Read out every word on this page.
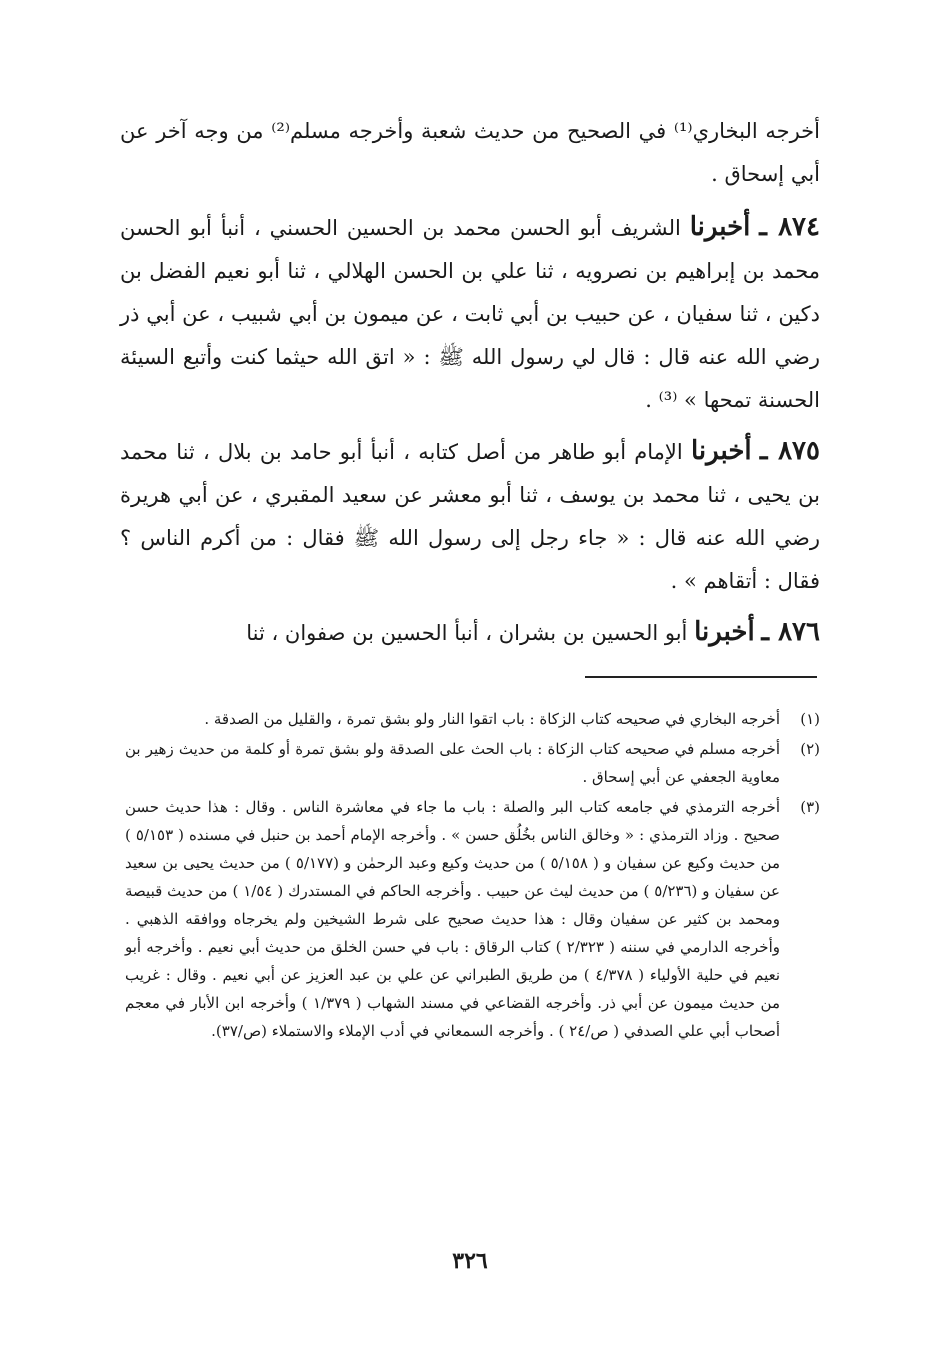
أخرجه البخاري⁽¹⁾ في الصحيح من حديث شعبة وأخرجه مسلم⁽²⁾ من وجه آخر عن أبي إسحاق .

٨٧٤ ـ أخبرنا الشريف أبو الحسن محمد بن الحسين الحسني ، أنبأ أبو الحسن محمد بن إبراهيم بن نصرويه ، ثنا علي بن الحسن الهلالي ، ثنا أبو نعيم الفضل بن دكين ، ثنا سفيان ، عن حبيب بن أبي ثابت ، عن ميمون بن أبي شبيب ، عن أبي ذر رضي الله عنه قال : قال لي رسول الله ﷺ : « اتق الله حيثما كنت وأتبع السيئة الحسنة تمحها » ⁽³⁾ .

٨٧٥ ـ أخبرنا الإمام أبو طاهر من أصل كتابه ، أنبأ أبو حامد بن بلال ، ثنا محمد بن يحيى ، ثنا محمد بن يوسف ، ثنا أبو معشر عن سعيد المقبري ، عن أبي هريرة رضي الله عنه قال : « جاء رجل إلى رسول الله ﷺ فقال : من أكرم الناس ؟ فقال : أتقاهم » .

٨٧٦ ـ أخبرنا أبو الحسين بن بشران ، أنبأ الحسين بن صفوان ، ثنا

(١)
أخرجه البخاري في صحيحه كتاب الزكاة : باب اتقوا النار ولو بشق تمرة ، والقليل من الصدقة .
(٢)
أخرجه مسلم في صحيحه كتاب الزكاة : باب الحث على الصدقة ولو بشق تمرة أو كلمة من حديث زهير بن معاوية الجعفي عن أبي إسحاق .
(٣)
أخرجه الترمذي في جامعه كتاب البر والصلة : باب ما جاء في معاشرة الناس . وقال : هذا حديث حسن صحيح . وزاد الترمذي : « وخالق الناس بخُلُق حسن » . وأخرجه الإمام أحمد بن حنبل في مسنده ( ٥/١٥٣ ) من حديث وكيع عن سفيان و ( ٥/١٥٨ ) من حديث وكيع وعبد الرحمٰن و (٥/١٧٧ ) من حديث يحيى بن سعيد عن سفيان و (٥/٢٣٦ ) من حديث ليث عن حبيب . وأخرجه الحاكم في المستدرك ( ١/٥٤ ) من حديث قبيصة ومحمد بن كثير عن سفيان وقال : هذا حديث صحيح على شرط الشيخين ولم يخرجاه ووافقه الذهبي . وأخرجه الدارمي في سننه ( ٢/٣٢٣ ) كتاب الرقاق : باب في حسن الخلق من حديث أبي نعيم . وأخرجه أبو نعيم في حلية الأولياء ( ٤/٣٧٨ ) من طريق الطبراني عن علي بن عبد العزيز عن أبي نعيم . وقال : غريب من حديث ميمون عن أبي ذر. وأخرجه القضاعي في مسند الشهاب ( ١/٣٧٩ ) وأخرجه ابن الأبار في معجم أصحاب أبي علي الصدفي ( ص/٢٤ ) . وأخرجه السمعاني في أدب الإملاء والاستملاء (ص/٣٧).
٣٢٦
